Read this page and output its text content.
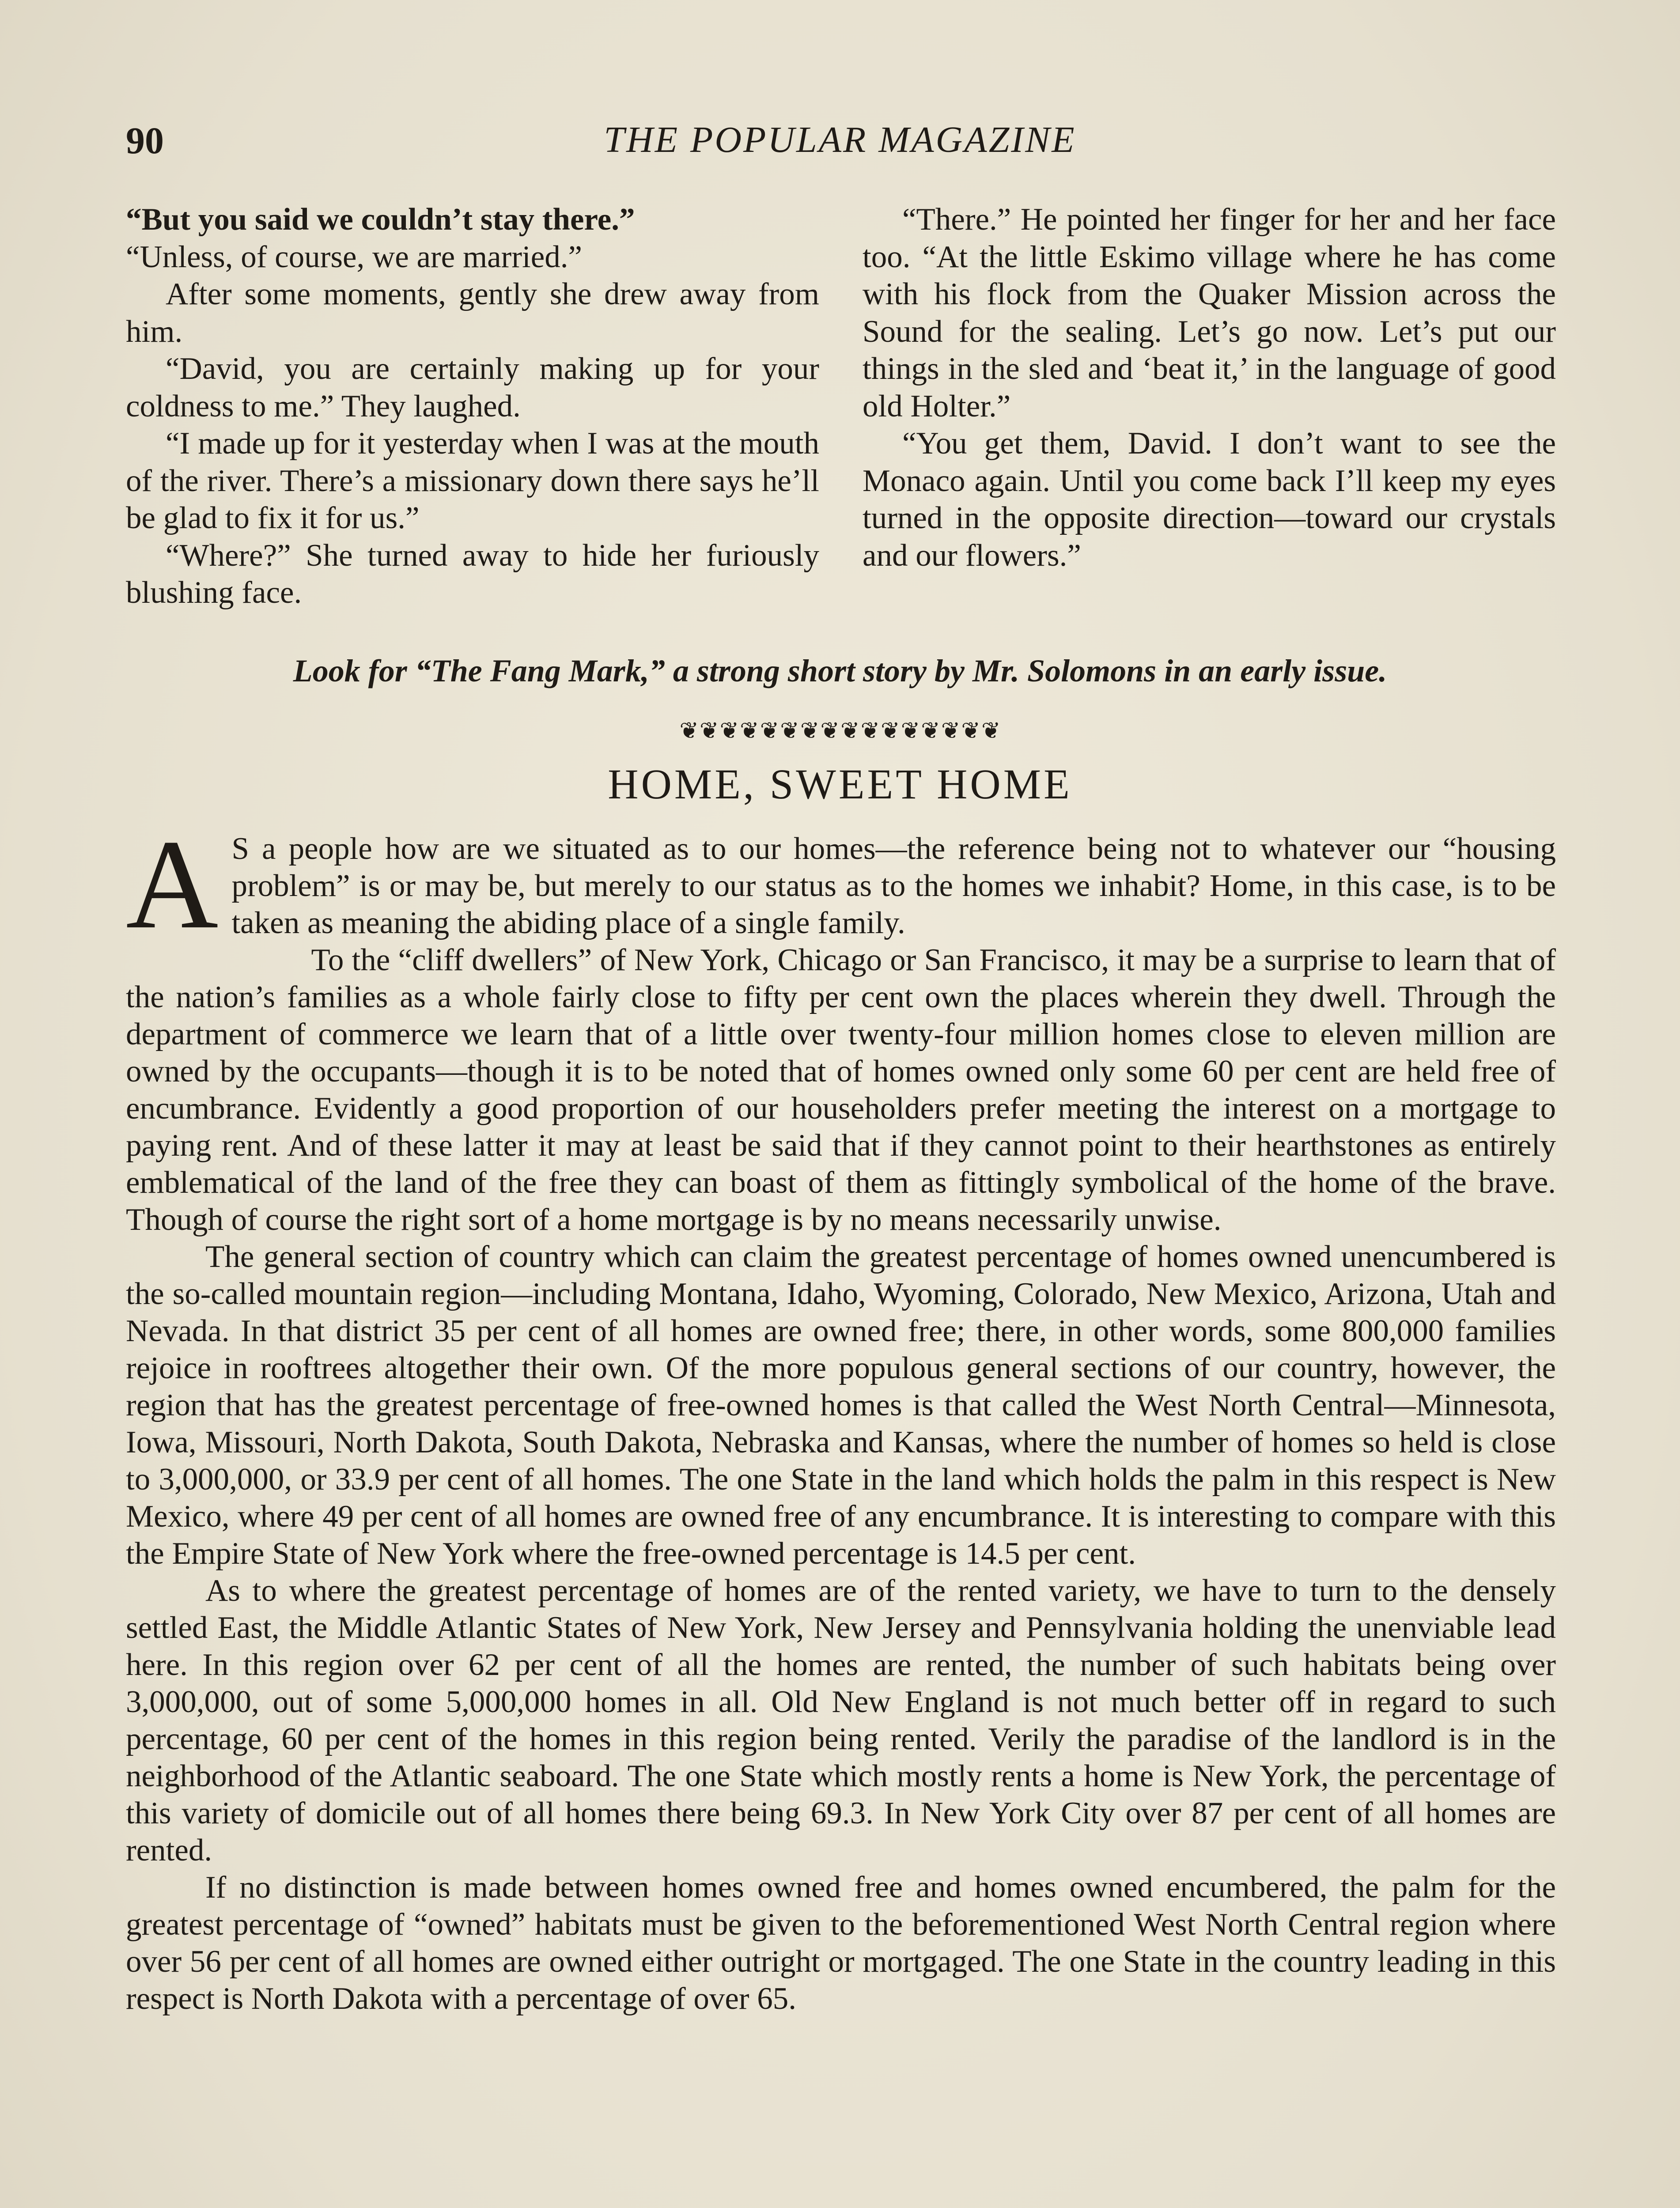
90	THE POPULAR MAGAZINE

“But you said we couldn’t stay there.”

“Unless, of course, we are married.”

After some moments, gently she drew away from him.

“David, you are certainly making up for your coldness to me.” They laughed.

“I made up for it yesterday when I was at the mouth of the river. There’s a missionary down there says he’ll be glad to fix it for us.”

“Where?” She turned away to hide her furiously blushing face.

“There.” He pointed her finger for her and her face too. “At the little Eskimo village where he has come with his flock from the Quaker Mission across the Sound for the sealing. Let’s go now. Let’s put our things in the sled and ‘beat it,’ in the language of good old Holter.”

“You get them, David. I don’t want to see the Monaco again. Until you come back I’ll keep my eyes turned in the opposite direction—toward our crystals and our flowers.”

Look for “The Fang Mark,” a strong short story by Mr. Solomons in an early issue.
❦❦❦❦❦❦❦❦❦❦❦❦❦❦❦❦
HOME, SWEET HOME

A S a people how are we situated as to our homes—the reference being not to whatever our “housing problem” is or may be, but merely to our status as to the homes we inhabit? Home, in this case, is to be taken as meaning the abiding place of a single family.

To the “cliff dwellers” of New York, Chicago or San Francisco, it may be a surprise to learn that of the nation’s families as a whole fairly close to fifty per cent own the places wherein they dwell. Through the department of commerce we learn that of a little over twenty-four million homes close to eleven million are owned by the occupants—though it is to be noted that of homes owned only some 60 per cent are held free of encumbrance. Evidently a good proportion of our householders prefer meeting the interest on a mortgage to paying rent. And of these latter it may at least be said that if they cannot point to their hearthstones as entirely emblematical of the land of the free they can boast of them as fittingly symbolical of the home of the brave. Though of course the right sort of a home mortgage is by no means necessarily unwise.

The general section of country which can claim the greatest percentage of homes owned unencumbered is the so-called mountain region—including Montana, Idaho, Wyoming, Colorado, New Mexico, Arizona, Utah and Nevada. In that district 35 per cent of all homes are owned free; there, in other words, some 800,000 families rejoice in rooftrees altogether their own. Of the more populous general sections of our country, however, the region that has the greatest percentage of free-owned homes is that called the West North Central—Minnesota, Iowa, Missouri, North Dakota, South Dakota, Nebraska and Kansas, where the number of homes so held is close to 3,000,000, or 33.9 per cent of all homes. The one State in the land which holds the palm in this respect is New Mexico, where 49 per cent of all homes are owned free of any encumbrance. It is interesting to compare with this the Empire State of New York where the free-owned percentage is 14.5 per cent.

As to where the greatest percentage of homes are of the rented variety, we have to turn to the densely settled East, the Middle Atlantic States of New York, New Jersey and Pennsylvania holding the unenviable lead here. In this region over 62 per cent of all the homes are rented, the number of such habitats being over 3,000,000, out of some 5,000,000 homes in all. Old New England is not much better off in regard to such percentage, 60 per cent of the homes in this region being rented. Verily the paradise of the landlord is in the neighborhood of the Atlantic seaboard. The one State which mostly rents a home is New York, the percentage of this variety of domicile out of all homes there being 69.3. In New York City over 87 per cent of all homes are rented.

If no distinction is made between homes owned free and homes owned encumbered, the palm for the greatest percentage of “owned” habitats must be given to the beforementioned West North Central region where over 56 per cent of all homes are owned either outright or mortgaged. The one State in the country leading in this respect is North Dakota with a percentage of over 65.
